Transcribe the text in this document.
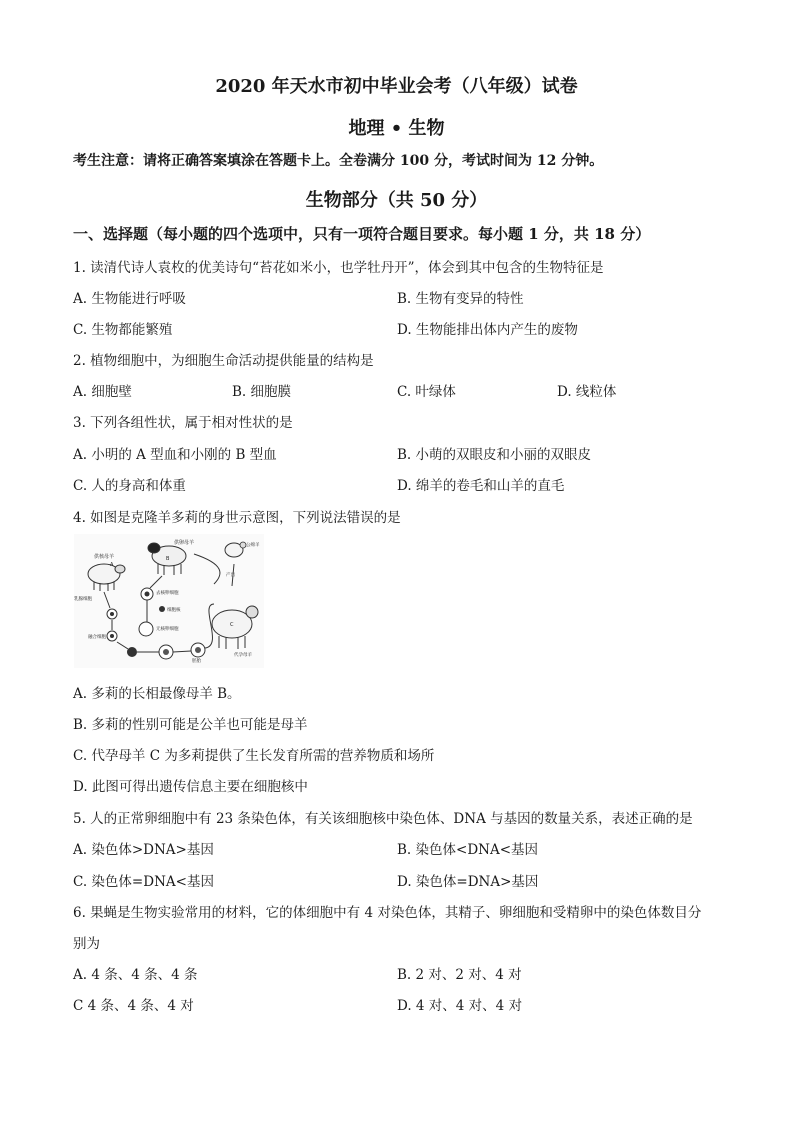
2020 年天水市初中毕业会考（八年级）试卷
地理 • 生物
考生注意：请将正确答案填涂在答题卡上。全卷满分 100 分，考试时间为 12 分钟。
生物部分（共 50 分）
一、选择题（每小题的四个选项中，只有一项符合题目要求。每小题 1 分，共 18 分）
1. 读清代诗人袁枚的优美诗句“苔花如米小，也学牡丹开”，体会到其中包含的生物特征是
A. 生物能进行呼吸	B. 生物有变异的特性
C. 生物都能繁殖	D. 生物能排出体内产生的废物
2. 植物细胞中，为细胞生命活动提供能量的结构是
A. 细胞壁	B. 细胞膜	C. 叶绿体	D. 线粒体
3. 下列各组性状，属于相对性状的是
A. 小明的 A 型血和小刚的 B 型血	B. 小萌的双眼皮和小丽的双眼皮
C. 人的身高和体重	D. 绵羊的卷毛和山羊的直毛
4. 如图是克隆羊多莉的身世示意图，下列说法错误的是
供核母羊
A
供卵母羊
B
公绵羊
产出
乳腺细胞
去核卵细胞
细胞核
无核卵细胞
融合细胞
胚胎
代孕母羊
C
A. 多莉的长相最像母羊 B。
B. 多莉的性别可能是公羊也可能是母羊
C. 代孕母羊 C 为多莉提供了生长发育所需的营养物质和场所
D. 此图可得出遗传信息主要在细胞核中
5. 人的正常卵细胞中有 23 条染色体，有关该细胞核中染色体、DNA 与基因的数量关系，表述正确的是
A. 染色体>DNA>基因	B. 染色体<DNA<基因
C. 染色体=DNA<基因	D. 染色体=DNA>基因
6. 果蝇是生物实验常用的材料，它的体细胞中有 4 对染色体，其精子、卵细胞和受精卵中的染色体数目分
别为
A. 4 条、4 条、4 条	B. 2 对、2 对、4 对
C 4 条、4 条、4 对	D. 4 对、4 对、4 对
